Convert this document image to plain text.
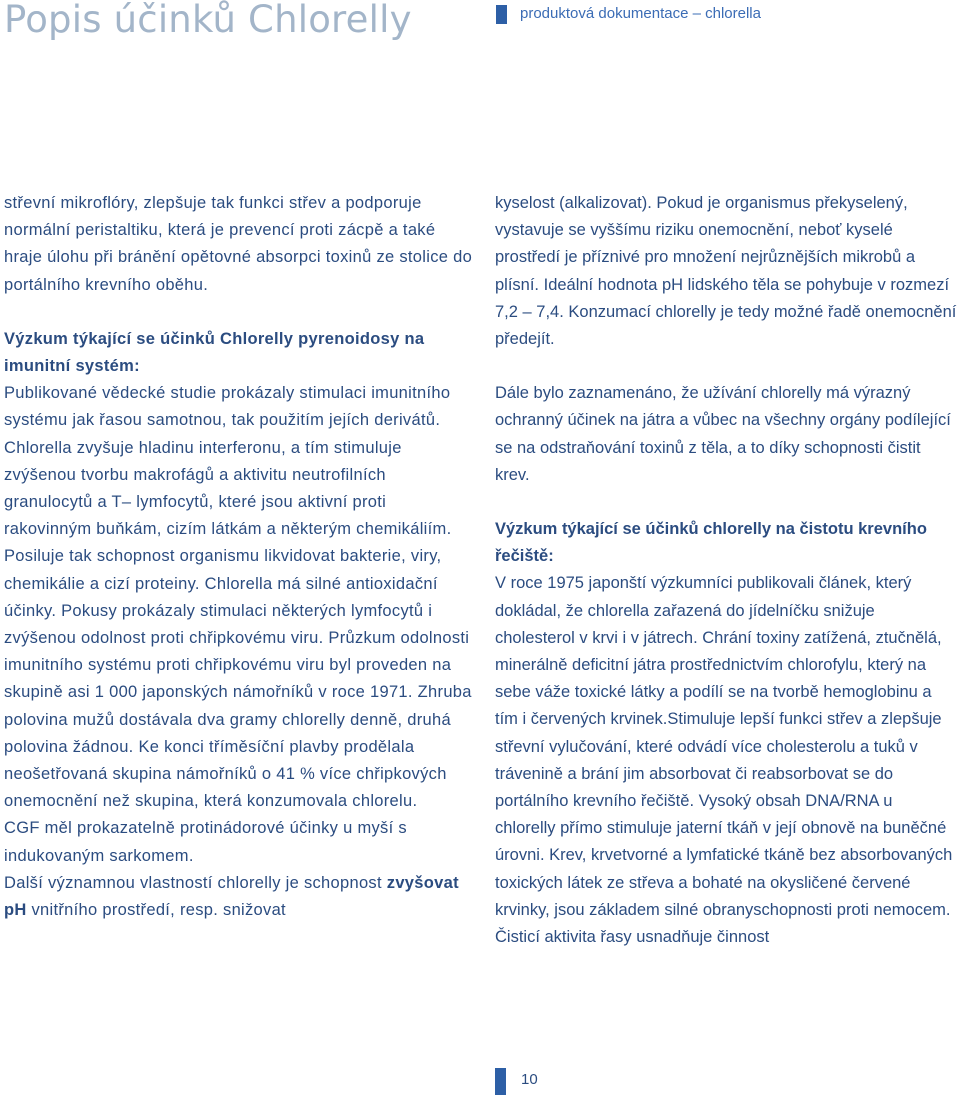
Popis účinků Chlorelly	produktová dokumentace – chlorella

střevní mikroflóry, zlepšuje tak funkci střev a podporuje normální peristaltiku, která je prevencí proti zácpě a také hraje úlohu při bránění opětovné absorpci toxinů ze stolice do portálního krevního oběhu.

Výzkum týkající se účinků Chlorelly pyrenoidosy na imunitní systém:

Publikované vědecké studie prokázaly stimulaci imunitního systému jak řasou samotnou, tak použitím jejích derivátů. Chlorella zvyšuje hladinu interferonu, a tím stimuluje zvýšenou tvorbu makrofágů a aktivitu neutrofilních granulocytů a T– lymfocytů, které jsou aktivní proti rakovinným buňkám, cizím látkám a některým chemikáliím. Posiluje tak schopnost organismu likvidovat bakterie, viry, chemikálie a cizí proteiny. Chlorella má silné antioxidační účinky. Pokusy prokázaly stimulaci některých lymfocytů i zvýšenou odolnost proti chřipkovému viru. Průzkum odolnosti imunitního systému proti chřipkovému viru byl proveden na skupině asi 1 000 japonských námořníků v roce 1971. Zhruba polovina mužů dostávala dva gramy chlorelly denně, druhá polovina žádnou. Ke konci tříměsíční plavby prodělala neošetřovaná skupina námořníků o 41 % více chřipkových onemocnění než skupina, která konzumovala chlorelu.

CGF měl prokazatelně protinádorové účinky u myší s indukovaným sarkomem.

Další významnou vlastností chlorelly je schopnost zvyšovat pH vnitřního prostředí, resp. snižovat

kyselost (alkalizovat). Pokud je organismus překyselený, vystavuje se vyššímu riziku onemocnění, neboť kyselé prostředí je příznivé pro množení nejrůznějších mikrobů a plísní. Ideální hodnota pH lidského těla se pohybuje v rozmezí 7,2 – 7,4. Konzumací chlorelly je tedy možné řadě onemocnění předejít.

Dále bylo zaznamenáno, že užívání chlorelly má výrazný ochranný účinek na játra a vůbec na všechny orgány podílející se na odstraňování toxinů z těla, a to díky schopnosti čistit krev.

Výzkum týkající se účinků chlorelly na čistotu krevního řečiště:

V roce 1975 japonští výzkumníci publikovali článek, který dokládal, že chlorella zařazená do jídelníčku snižuje cholesterol v krvi i v játrech. Chrání toxiny zatížená, ztučnělá, minerálně deficitní játra prostřednictvím chlorofylu, který na sebe váže toxické látky a podílí se na tvorbě hemoglobinu a tím i červených krvinek.Stimuluje lepší funkci střev a zlepšuje střevní vylučování, které odvádí více cholesterolu a tuků v trávenině a brání jim absorbovat či reabsorbovat se do portálního krevního řečiště. Vysoký obsah DNA/RNA u chlorelly přímo stimuluje jaterní tkáň v její obnově na buněčné úrovni. Krev, krvetvorné a lymfatické tkáně bez absorbovaných toxických látek ze střeva a bohaté na okysličené červené krvinky, jsou základem silné obranyschopnosti proti nemocem. Čisticí aktivita řasy usnadňuje činnost

10
